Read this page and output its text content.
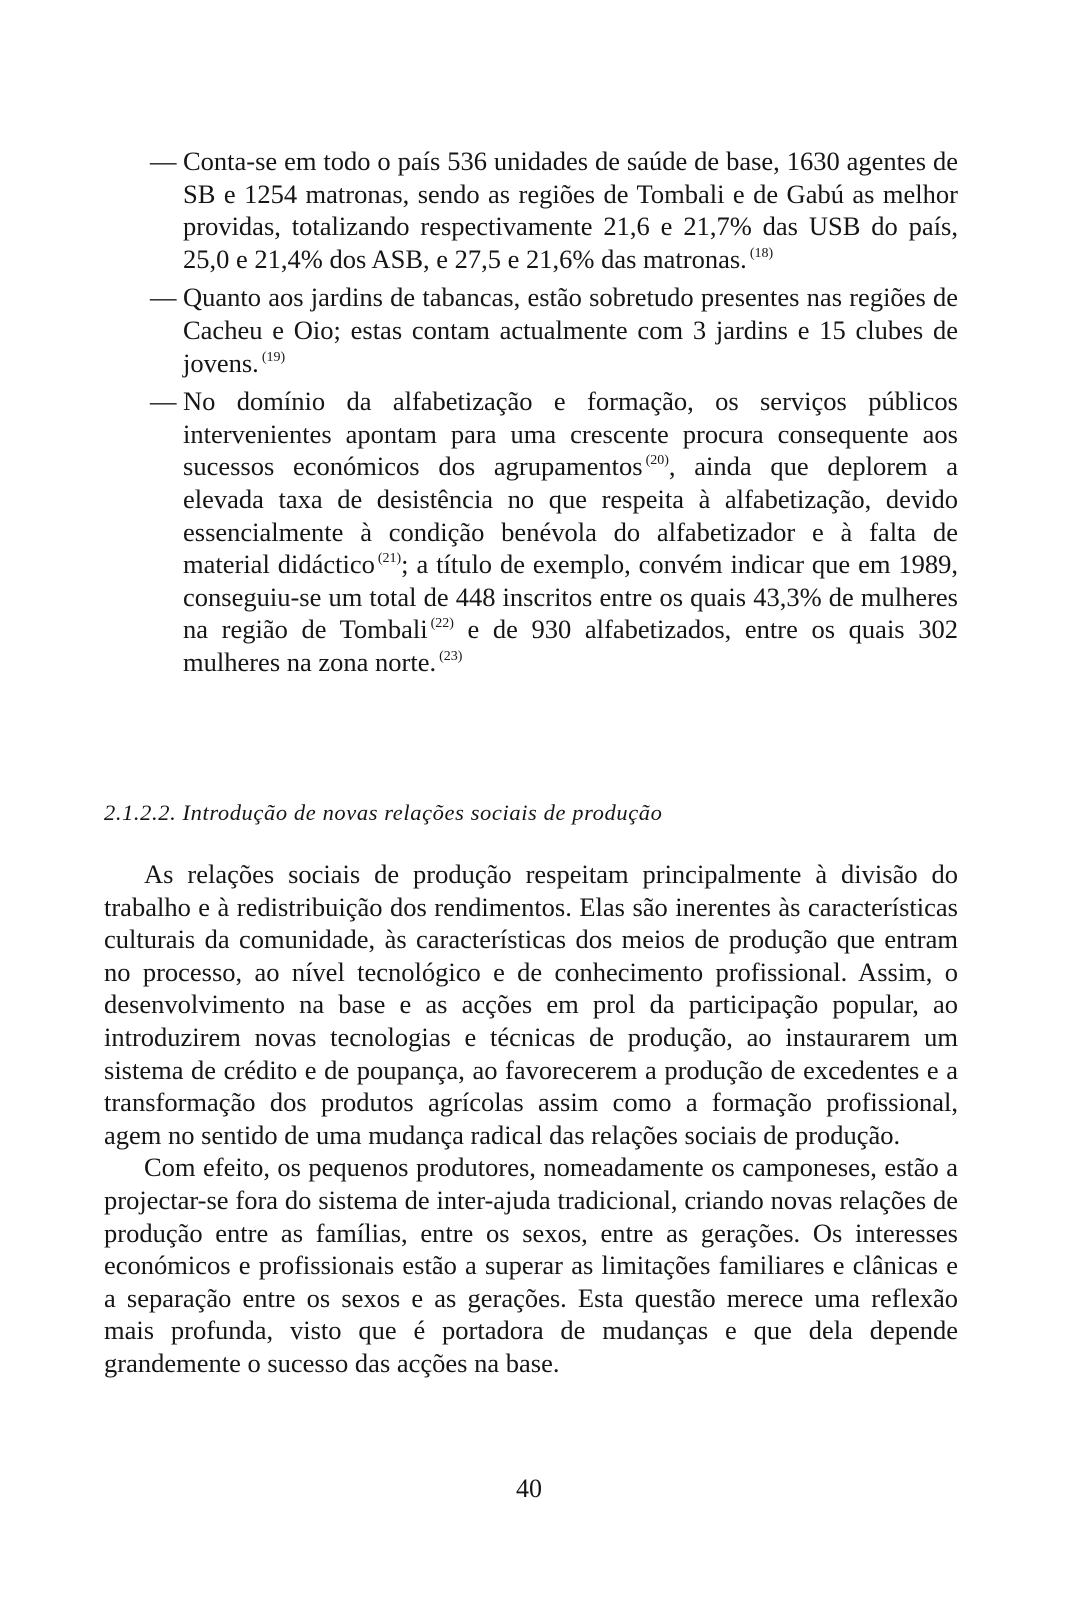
— Conta-se em todo o país 536 unidades de saúde de base, 1630 agentes de SB e 1254 matronas, sendo as regiões de Tombali e de Gabú as melhor providas, totalizando respectivamente 21,6 e 21,7% das USB do país, 25,0 e 21,4% dos ASB, e 27,5 e 21,6% das matronas. $^{(18)}$

— Quanto aos jardins de tabancas, estão sobretudo presentes nas regiões de Cacheu e Oio; estas contam actualmente com 3 jardins e 15 clubes de jovens. $^{(19)}$

— No domínio da alfabetização e formação, os serviços públicos intervenientes apontam para uma crescente procura consequente aos sucessos económicos dos agrupamentos $^{(20)}$, ainda que deplorem a elevada taxa de desistência no que respeita à alfabetização, devido essencialmente à condição benévola do alfabetizador e à falta de material didáctico $^{(21)}$; a título de exemplo, convém indicar que em 1989, conseguiu-se um total de 448 inscritos entre os quais 43,3% de mulheres na região de Tombali $^{(22)}$ e de 930 alfabetizados, entre os quais 302 mulheres na zona norte. $^{(23)}$

2.1.2.2. Introdução de novas relações sociais de produção

As relações sociais de produção respeitam principalmente à divisão do trabalho e à redistribuição dos rendimentos. Elas são inerentes às características culturais da comunidade, às características dos meios de produção que entram no processo, ao nível tecnológico e de conhecimento profissional. Assim, o desenvolvimento na base e as acções em prol da participação popular, ao introduzirem novas tecnologias e técnicas de produção, ao instaurarem um sistema de crédito e de poupança, ao favorecerem a produção de excedentes e a transformação dos produtos agrícolas assim como a formação profissional, agem no sentido de uma mudança radical das relações sociais de produção.

Com efeito, os pequenos produtores, nomeadamente os camponeses, estão a projectar-se fora do sistema de inter-ajuda tradicional, criando novas relações de produção entre as famílias, entre os sexos, entre as gerações. Os interesses económicos e profissionais estão a superar as limitações familiares e clânicas e a separação entre os sexos e as gerações. Esta questão merece uma reflexão mais profunda, visto que é portadora de mudanças e que dela depende grandemente o sucesso das acções na base.

40
